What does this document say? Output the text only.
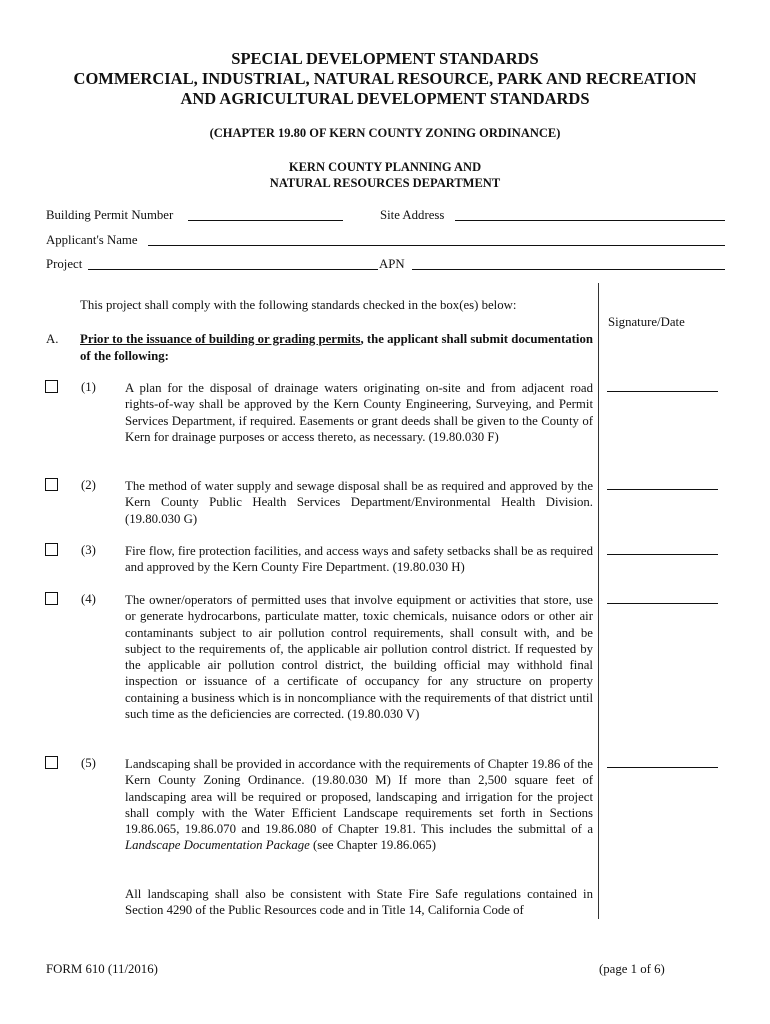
SPECIAL DEVELOPMENT STANDARDS
COMMERCIAL, INDUSTRIAL, NATURAL RESOURCE, PARK AND RECREATION
AND AGRICULTURAL DEVELOPMENT STANDARDS
(CHAPTER 19.80 OF KERN COUNTY ZONING ORDINANCE)
KERN COUNTY PLANNING AND
NATURAL RESOURCES DEPARTMENT
Building Permit Number	Site Address
Applicant's Name
Project	APN
This project shall comply with the following standards checked in the box(es) below:
Signature/Date
A. Prior to the issuance of building or grading permits, the applicant shall submit documentation of the following:
(1) A plan for the disposal of drainage waters originating on-site and from adjacent road rights-of-way shall be approved by the Kern County Engineering, Surveying, and Permit Services Department, if required. Easements or grant deeds shall be given to the County of Kern for drainage purposes or access thereto, as necessary. (19.80.030 F)
(2) The method of water supply and sewage disposal shall be as required and approved by the Kern County Public Health Services Department/Environmental Health Division. (19.80.030 G)
(3) Fire flow, fire protection facilities, and access ways and safety setbacks shall be as required and approved by the Kern County Fire Department. (19.80.030 H)
(4) The owner/operators of permitted uses that involve equipment or activities that store, use or generate hydrocarbons, particulate matter, toxic chemicals, nuisance odors or other air contaminants subject to air pollution control requirements, shall consult with, and be subject to the requirements of, the applicable air pollution control district. If requested by the applicable air pollution control district, the building official may withhold final inspection or issuance of a certificate of occupancy for any structure on property containing a business which is in noncompliance with the requirements of that district until such time as the deficiencies are corrected. (19.80.030 V)
(5) Landscaping shall be provided in accordance with the requirements of Chapter 19.86 of the Kern County Zoning Ordinance. (19.80.030 M) If more than 2,500 square feet of landscaping area will be required or proposed, landscaping and irrigation for the project shall comply with the Water Efficient Landscape requirements set forth in Sections 19.86.065, 19.86.070 and 19.86.080 of Chapter 19.81. This includes the submittal of a Landscape Documentation Package (see Chapter 19.86.065)
All landscaping shall also be consistent with State Fire Safe regulations contained in Section 4290 of the Public Resources code and in Title 14, California Code of
FORM 610 (11/2016)	(page 1 of 6)
